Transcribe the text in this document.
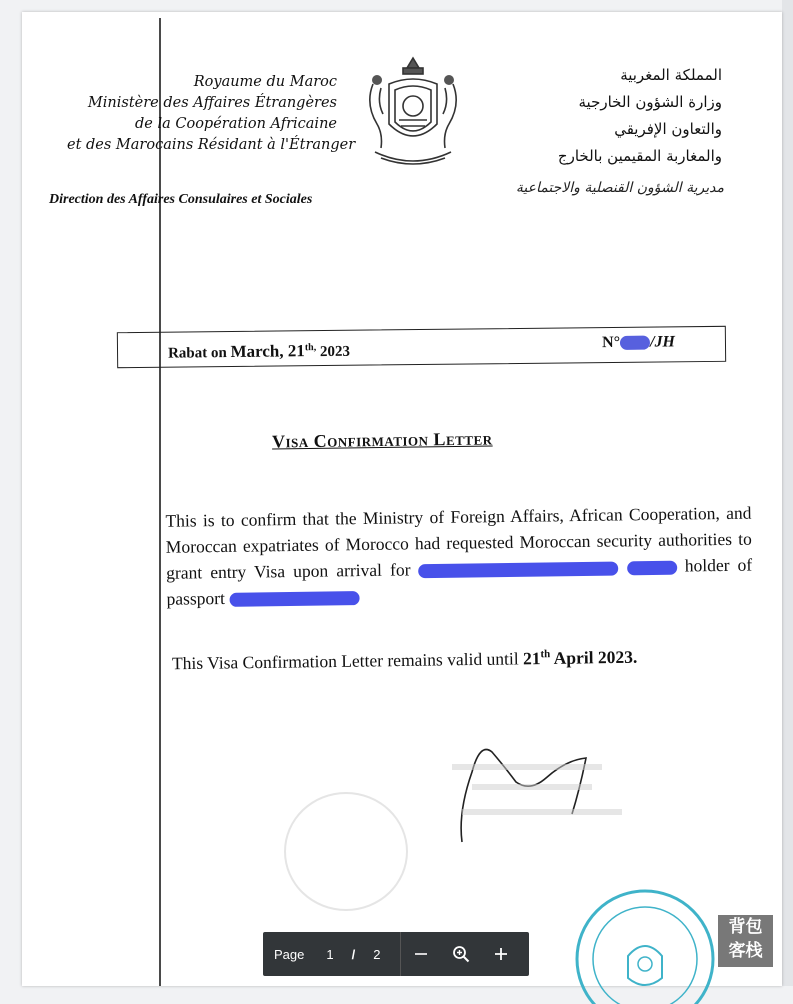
Royaume du Maroc
Ministère des Affaires Étrangères
de la Coopération Africaine
et des Marocains Résidant à l'Étranger
Direction des Affaires Consulaires et Sociales
المملكة المغربية
وزارة الشؤون الخارجية
والتعاون الإفريقي
والمغاربة المقيمين بالخارج
مديرية الشؤون القنصلية والاجتماعية
Rabat on March, $21^{th,}$ 2023
N° /JH
Visa Confirmation Letter

This is to confirm that the Ministry of Foreign Affairs, African Cooperation, and Moroccan expatriates of Morocco had requested Moroccan security authorities to grant entry Visa upon arrival for	holder of passport

This Visa Confirmation Letter remains valid until 21th April 2023.
Page 1 / 2
背包
客栈
